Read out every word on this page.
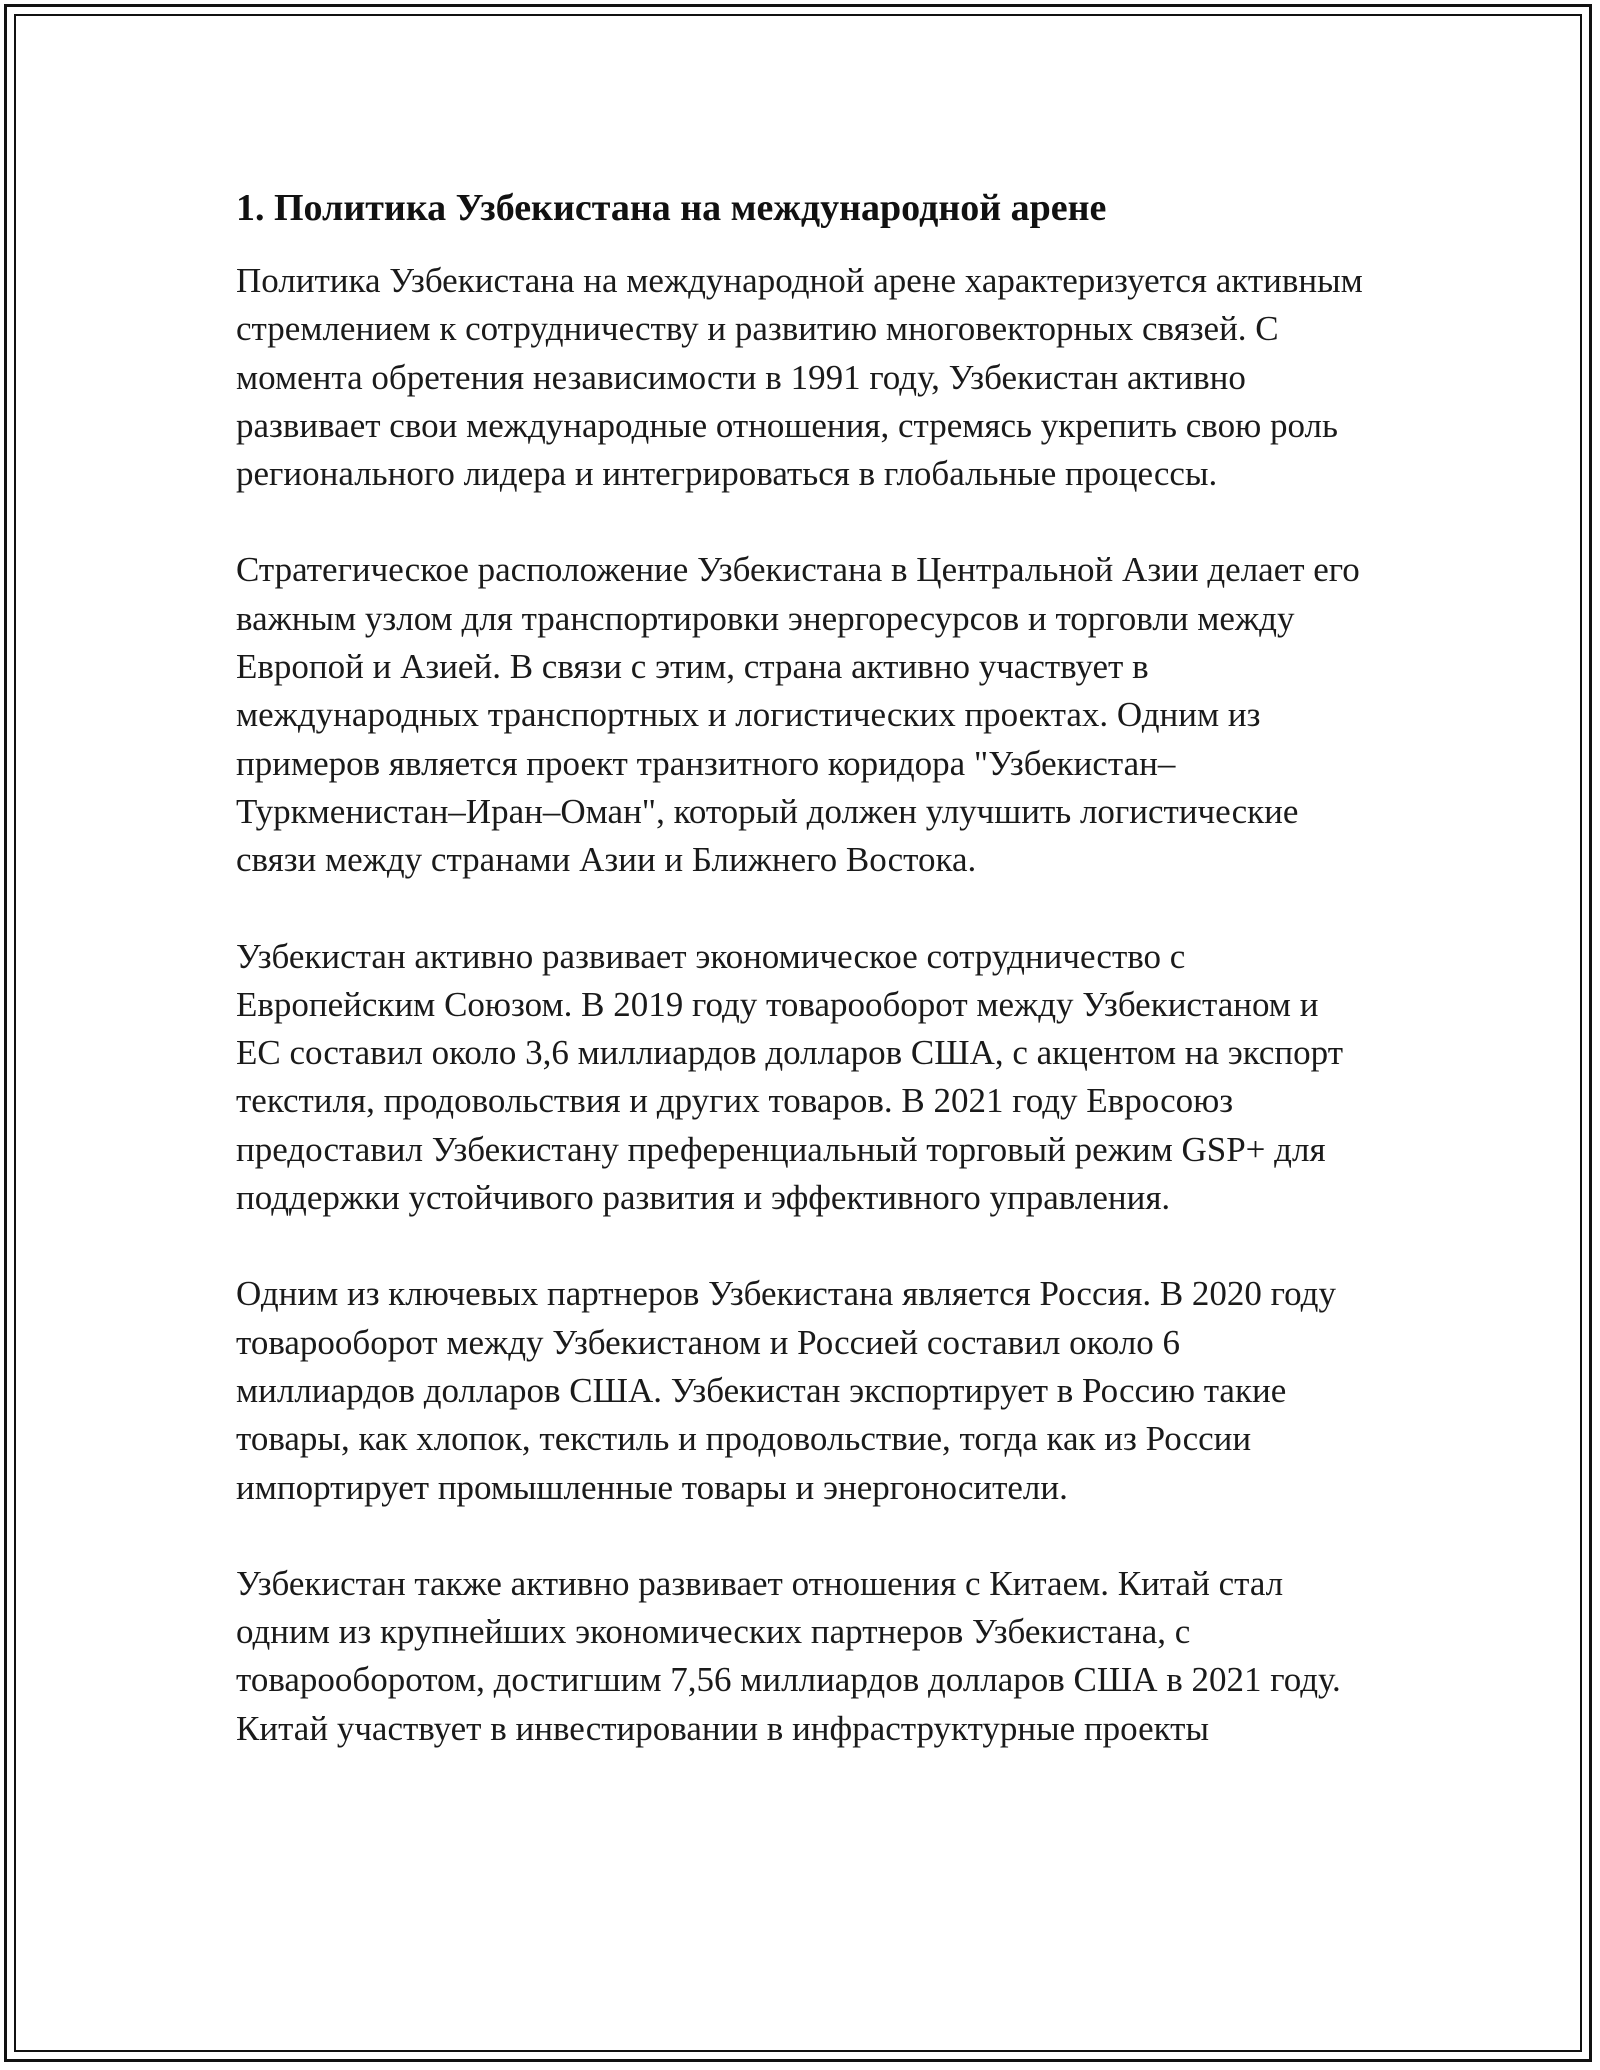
1. Политика Узбекистана на международной арене

Политика Узбекистана на международной арене характеризуется активным стремлением к сотрудничеству и развитию многовекторных связей. С момента обретения независимости в 1991 году, Узбекистан активно развивает свои международные отношения, стремясь укрепить свою роль регионального лидера и интегрироваться в глобальные процессы.

Стратегическое расположение Узбекистана в Центральной Азии делает его важным узлом для транспортировки энергоресурсов и торговли между Европой и Азией. В связи с этим, страна активно участвует в международных транспортных и логистических проектах. Одним из примеров является проект транзитного коридора "Узбекистан–Туркменистан–Иран–Оман", который должен улучшить логистические связи между странами Азии и Ближнего Востока.

Узбекистан активно развивает экономическое сотрудничество с Европейским Союзом. В 2019 году товарооборот между Узбекистаном и ЕС составил около 3,6 миллиардов долларов США, с акцентом на экспорт текстиля, продовольствия и других товаров. В 2021 году Евросоюз предоставил Узбекистану преференциальный торговый режим GSP+ для поддержки устойчивого развития и эффективного управления.

Одним из ключевых партнеров Узбекистана является Россия. В 2020 году товарооборот между Узбекистаном и Россией составил около 6 миллиардов долларов США. Узбекистан экспортирует в Россию такие товары, как хлопок, текстиль и продовольствие, тогда как из России импортирует промышленные товары и энергоносители.

Узбекистан также активно развивает отношения с Китаем. Китай стал одним из крупнейших экономических партнеров Узбекистана, с товарооборотом, достигшим 7,56 миллиардов долларов США в 2021 году. Китай участвует в инвестировании в инфраструктурные проекты
